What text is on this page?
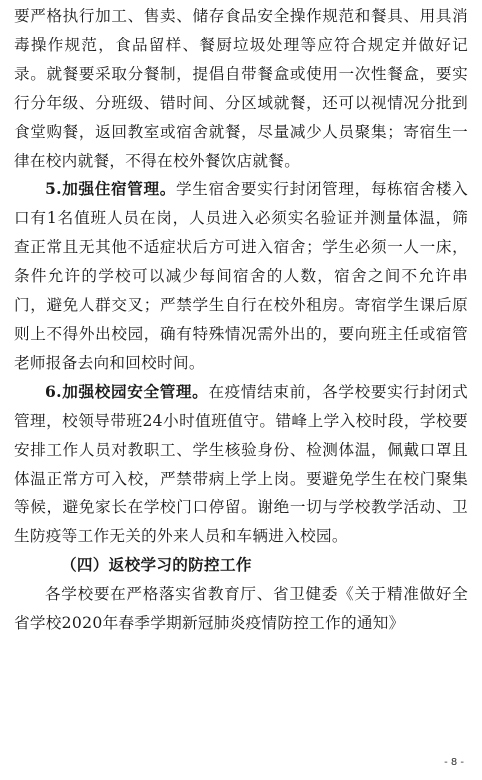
要严格执行加工、售卖、储存食品安全操作规范和餐具、用具消毒操作规范，食品留样、餐厨垃圾处理等应符合规定并做好记录。就餐要采取分餐制，提倡自带餐盒或使用一次性餐盒，要实行分年级、分班级、错时间、分区域就餐，还可以视情况分批到食堂购餐，返回教室或宿舍就餐，尽量减少人员聚集；寄宿生一律在校内就餐，不得在校外餐饮店就餐。

5.加强住宿管理。学生宿舍要实行封闭管理，每栋宿舍楼入口有1名值班人员在岗，人员进入必须实名验证并测量体温，筛查正常且无其他不适症状后方可进入宿舍；学生必须一人一床，条件允许的学校可以减少每间宿舍的人数，宿舍之间不允许串门，避免人群交叉；严禁学生自行在校外租房。寄宿学生课后原则上不得外出校园，确有特殊情况需外出的，要向班主任或宿管老师报备去向和回校时间。

6.加强校园安全管理。在疫情结束前，各学校要实行封闭式管理，校领导带班24小时值班值守。错峰上学入校时段，学校要安排工作人员对教职工、学生核验身份、检测体温，佩戴口罩且体温正常方可入校，严禁带病上学上岗。要避免学生在校门聚集等候，避免家长在学校门口停留。谢绝一切与学校教学活动、卫生防疫等工作无关的外来人员和车辆进入校园。

（四）返校学习的防控工作

各学校要在严格落实省教育厅、省卫健委《关于精准做好全省学校2020年春季学期新冠肺炎疫情防控工作的通知》

- 8 -
